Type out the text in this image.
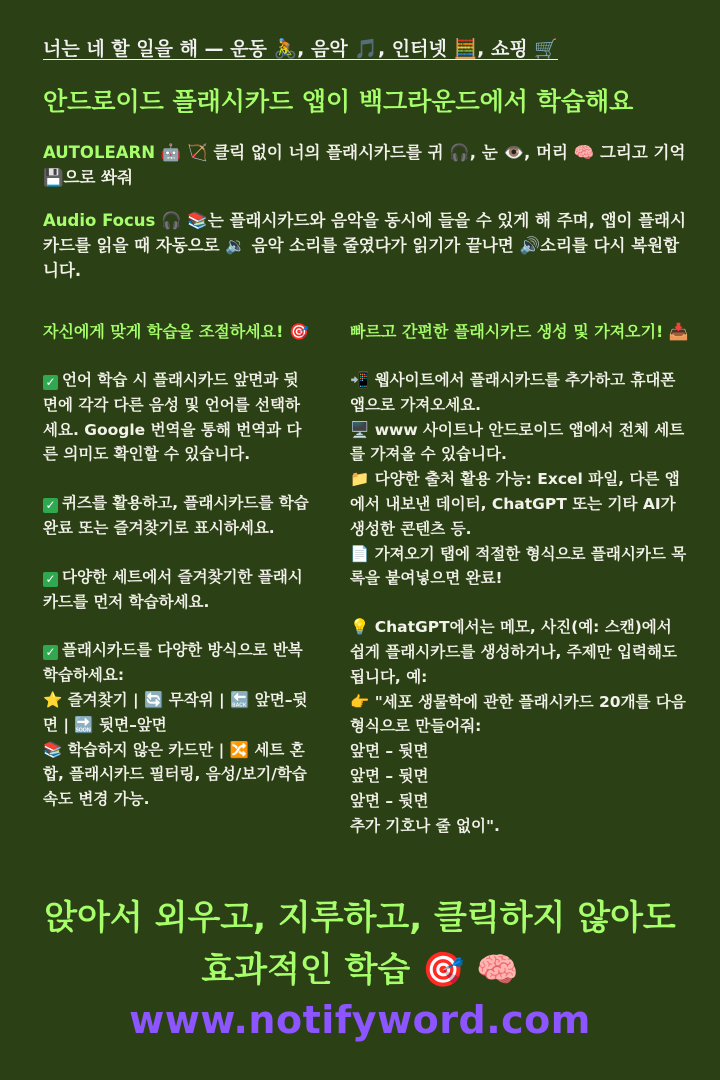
너는 네 할 일을 해 — 운동 🚴, 음악 🎵, 인터넷 🧮, 쇼핑 🛒
안드로이드 플래시카드 앱이 백그라운드에서 학습해요
AUTOLEARN 🤖 🏹 클릭 없이 너의 플래시카드를 귀 🎧, 눈 👁️, 머리 🧠 그리고 기억 💾으로 쏴줘
Audio Focus 🎧 📚는 플래시카드와 음악을 동시에 들을 수 있게 해 주며, 앱이 플래시카드를 읽을 때 자동으로 🔉 음악 소리를 줄였다가 읽기가 끝나면 🔊소리를 다시 복원합니다.
자신에게 맞게 학습을 조절하세요! 🎯
✓ 언어 학습 시 플래시카드 앞면과 뒷면에 각각 다른 음성 및 언어를 선택하세요. Google 번역을 통해 번역과 다른 의미도 확인할 수 있습니다.
✓ 퀴즈를 활용하고, 플래시카드를 학습 완료 또는 즐겨찾기로 표시하세요.
✓ 다양한 세트에서 즐겨찾기한 플래시카드를 먼저 학습하세요.
✓ 플래시카드를 다양한 방식으로 반복 학습하세요:
⭐ 즐겨찾기 | 🔄 무작위 | 🔙 앞면–뒷면 | 🔜 뒷면–앞면
📚 학습하지 않은 카드만 | 🔀 세트 혼합, 플래시카드 필터링, 음성/보기/학습 속도 변경 가능.
빠르고 간편한 플래시카드 생성 및 가져오기! 📥
📲 웹사이트에서 플래시카드를 추가하고 휴대폰 앱으로 가져오세요.
🖥️ www 사이트나 안드로이드 앱에서 전체 세트를 가져올 수 있습니다.
📁 다양한 출처 활용 가능: Excel 파일, 다른 앱에서 내보낸 데이터, ChatGPT 또는 기타 AI가 생성한 콘텐츠 등.
📄 가져오기 탭에 적절한 형식으로 플래시카드 목록을 붙여넣으면 완료!
💡 ChatGPT에서는 메모, 사진(예: 스캔)에서 쉽게 플래시카드를 생성하거나, 주제만 입력해도 됩니다, 예:
👉 "세포 생물학에 관한 플래시카드 20개를 다음 형식으로 만들어줘:
앞면 – 뒷면
앞면 – 뒷면
앞면 – 뒷면
추가 기호나 줄 없이".
앉아서 외우고, 지루하고, 클릭하지 않아도
효과적인 학습 🎯 🧠
www.notifyword.com
